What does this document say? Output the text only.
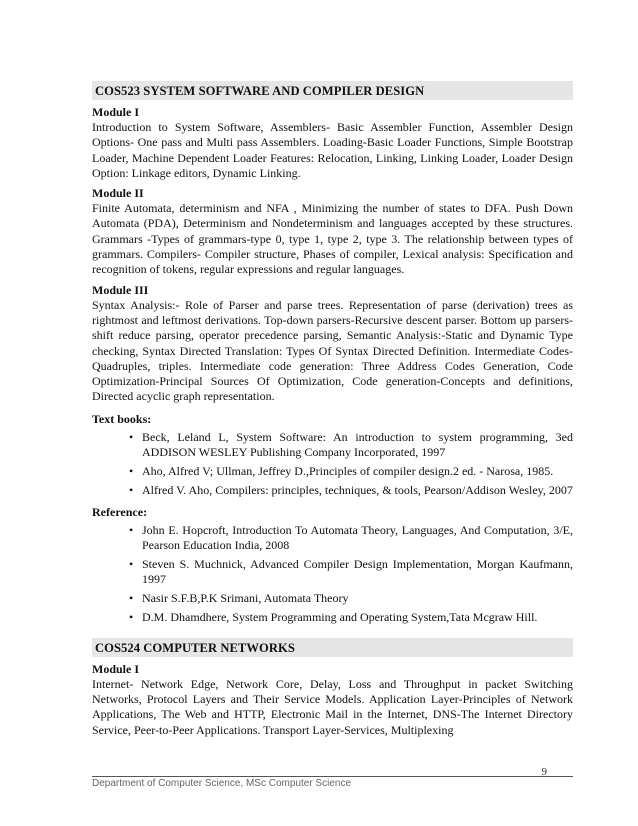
COS523 SYSTEM SOFTWARE AND COMPILER DESIGN
Module I
Introduction to System Software, Assemblers- Basic Assembler Function, Assembler Design Options- One pass and Multi pass Assemblers. Loading-Basic Loader Functions, Simple Bootstrap Loader, Machine Dependent Loader Features: Relocation, Linking, Linking Loader, Loader Design Option: Linkage editors, Dynamic Linking.
Module II
Finite Automata, determinism and NFA , Minimizing the number of states to DFA. Push Down Automata (PDA), Determinism and Nondeterminism and languages accepted by these structures. Grammars -Types of grammars-type 0, type 1, type 2, type 3. The relationship between types of grammars. Compilers- Compiler structure, Phases of compiler, Lexical analysis: Specification and recognition of tokens, regular expressions and regular languages.
Module III
Syntax Analysis:- Role of Parser and parse trees. Representation of parse (derivation) trees as rightmost and leftmost derivations. Top-down parsers-Recursive descent parser. Bottom up parsers-shift reduce parsing, operator precedence parsing, Semantic Analysis:-Static and Dynamic Type checking, Syntax Directed Translation: Types Of Syntax Directed Definition. Intermediate Codes-Quadruples, triples. Intermediate code generation: Three Address Codes Generation, Code Optimization-Principal Sources Of Optimization, Code generation-Concepts and definitions, Directed acyclic graph representation.
Text books:
• Beck, Leland L, System Software: An introduction to system programming, 3ed ADDISON WESLEY Publishing Company Incorporated, 1997
• Aho, Alfred V; Ullman, Jeffrey D.,Principles of compiler design.2 ed. - Narosa, 1985.
• Alfred V. Aho, Compilers: principles, techniques, & tools, Pearson/Addison Wesley, 2007
Reference:
• John E. Hopcroft, Introduction To Automata Theory, Languages, And Computation, 3/E, Pearson Education India, 2008
• Steven S. Muchnick, Advanced Compiler Design Implementation, Morgan Kaufmann, 1997
• Nasir S.F.B,P.K Srimani, Automata Theory
• D.M. Dhamdhere, System Programming and Operating System,Tata Mcgraw Hill.
COS524 COMPUTER NETWORKS
Module I
Internet- Network Edge, Network Core, Delay, Loss and Throughput in packet Switching Networks, Protocol Layers and Their Service Models. Application Layer-Principles of Network Applications, The Web and HTTP, Electronic Mail in the Internet, DNS-The Internet Directory Service, Peer-to-Peer Applications. Transport Layer-Services, Multiplexing
Department of Computer Science, MSc Computer Science
9
